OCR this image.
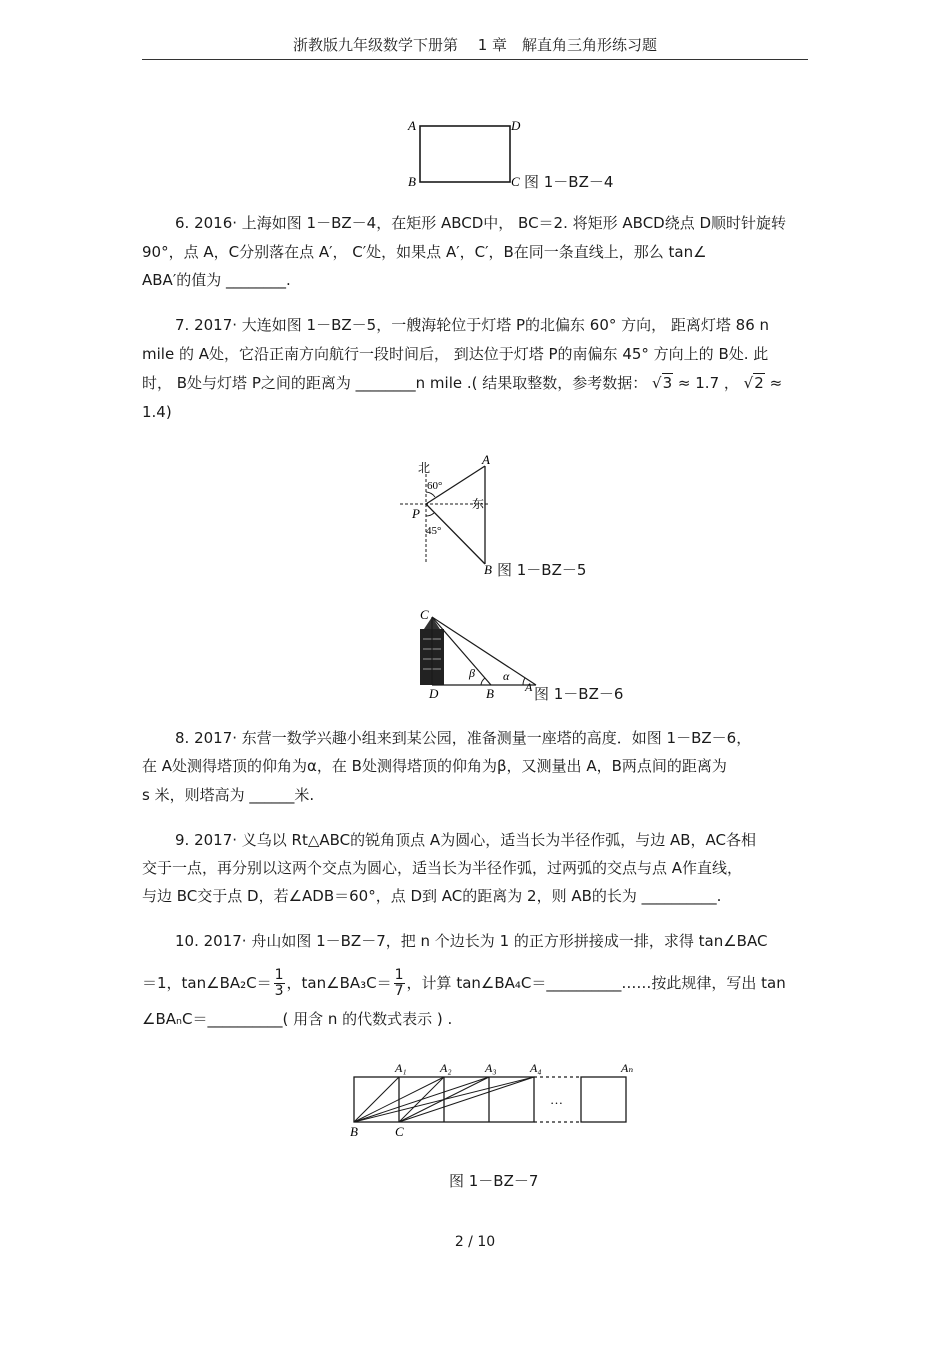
浙教版九年级数学下册第　 1 章　解直角三角形练习题
A	D
B	C 图 1－BZ－4
6. 2016· 上海如图 1－BZ－4，在矩形 ABCD中， BC＝2. 将矩形 ABCD绕点 D顺时针旋转
90°，点 A，C分别落在点 A′， C′处，如果点 A′，C′，B在同一条直线上，那么 tan∠
ABA′的值为 ________.
7. 2017· 大连如图 1－BZ－5，一艘海轮位于灯塔 P的北偏东 60° 方向， 距离灯塔 86 n
mile 的 A处，它沿正南方向航行一段时间后， 到达位于灯塔 P的南偏东 45° 方向上的 B处. 此
时， B处与灯塔 P之间的距离为 ________n mile .( 结果取整数，参考数据： √3 ≈ 1.7 ， √2 ≈
1.4)
北
东
60°
45°
P
A
B 图 1－BZ－5
C
D	B	A
β α
图 1－BZ－6
8. 2017· 东营一数学兴趣小组来到某公园，准备测量一座塔的高度．如图 1－BZ－6，
在 A处测得塔顶的仰角为α，在 B处测得塔顶的仰角为β，又测量出 A，B两点间的距离为
s 米，则塔高为 ______米.
9. 2017· 义乌以 Rt△ABC的锐角顶点 A为圆心，适当长为半径作弧，与边 AB，AC各相
交于一点，再分别以这两个交点为圆心，适当长为半径作弧，过两弧的交点与点 A作直线，
与边 BC交于点 D，若∠ADB＝60°，点 D到 AC的距离为 2，则 AB的长为 __________.
10. 2017· 舟山如图 1－BZ－7，把 n 个边长为 1 的正方形拼接成一排，求得 tan∠BAC
＝1，tan∠BA₂C＝ $\frac{1}{3}$ ，tan∠BA₃C＝ $\frac{1}{7}$ ，计算 tan∠BA₄C＝__________……按此规律，写出 tan
∠BAₙC＝__________( 用含 n 的代数式表示 ) .
…
A₁	A₂	A₃	A₄	Aₙ
B	C
图 1－BZ－7
2 / 10
